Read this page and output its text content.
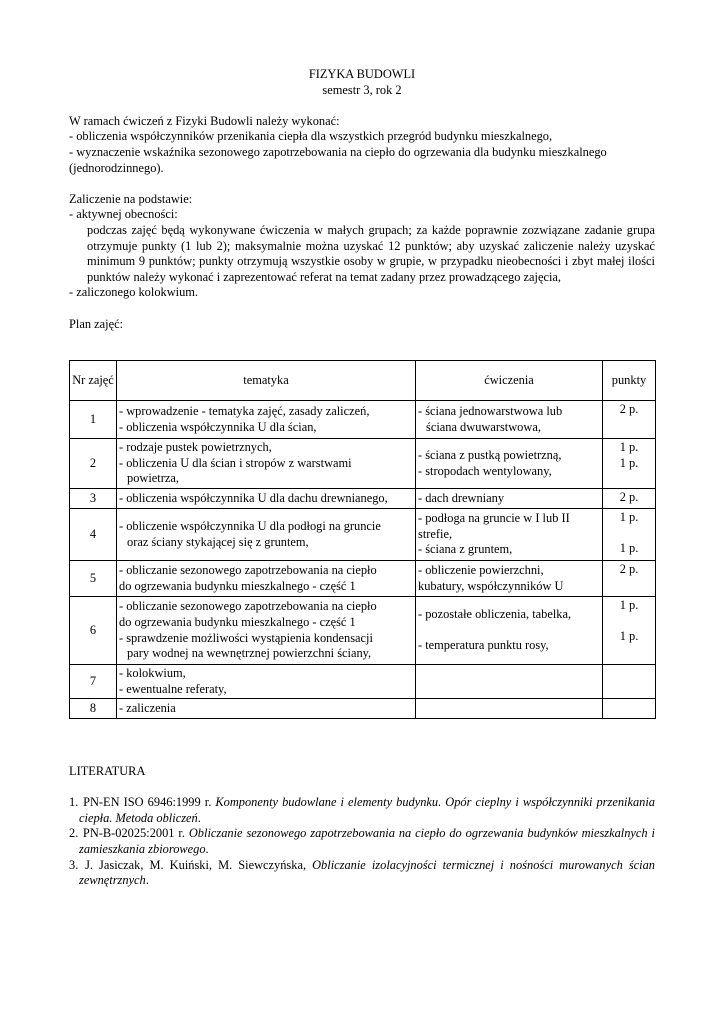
FIZYKA BUDOWLI

semestr 3, rok 2

W ramach ćwiczeń z Fizyki Budowli należy wykonać:

- obliczenia współczynników przenikania ciepła dla wszystkich przegród budynku mieszkalnego,

- wyznaczenie wskaźnika sezonowego zapotrzebowania na ciepło do ogrzewania dla budynku mieszkalnego (jednorodzinnego).

Zaliczenie na podstawie:

- aktywnej obecności:

podczas zajęć będą wykonywane ćwiczenia w małych grupach; za każde poprawnie zozwiązane zadanie grupa otrzymuje punkty (1 lub 2); maksymalnie można uzyskać 12 punktów; aby uzyskać zaliczenie należy uzyskać minimum 9 punktów; punkty otrzymują wszystkie osoby w grupie, w przypadku nieobecności i zbyt małej ilości punktów należy wykonać i zaprezentować referat na temat zadany przez prowadzącego zajęcia,

- zaliczonego kolokwium.

Plan zajęć:

Nr zajęć	tematyka	ćwiczenia	punkty
1	- wprowadzenie - tematyka zajęć, zasady zaliczeń,
- obliczenia współczynnika U dla ścian,	- ściana jednowarstwowa lub
ściana dwuwarstwowa,	2 p.

2	- rodzaje pustek powietrznych,
- obliczenia U dla ścian i stropów z warstwami
powietrza,	- ściana z pustką powietrzną,
- stropodach wentylowany,	1 p.
1 p.

3	- obliczenia współczynnika U dla dachu drewnianego,	- dach drewniany	2 p.

4	- obliczenie współczynnika U dla podłogi na gruncie
oraz ściany stykającej się z gruntem,	- podłoga na gruncie w I lub II
strefie,
- ściana z gruntem,	1 p.

1 p.

5	- obliczanie sezonowego zapotrzebowania na ciepło
do ogrzewania budynku mieszkalnego - część 1	- obliczenie powierzchni,
kubatury, współczynników U	2 p.

6	- obliczanie sezonowego zapotrzebowania na ciepło
do ogrzewania budynku mieszkalnego - część 1
- sprawdzenie możliwości wystąpienia kondensacji
pary wodnej na wewnętrznej powierzchni ściany,	- pozostałe obliczenia, tabelka,

- temperatura punktu rosy,	1 p.

1 p.

7	- kolokwium,
- ewentualne referaty,		

8	- zaliczenia		

LITERATURA

1. PN-EN ISO 6946:1999 r. Komponenty budowlane i elementy budynku. Opór cieplny i współczynniki przenikania ciepła. Metoda obliczeń.
2. PN-B-02025:2001 r. Obliczanie sezonowego zapotrzebowania na ciepło do ogrzewania budynków mieszkalnych i zamieszkania zbiorowego.
3. J. Jasiczak, M. Kuiński, M. Siewczyńska, Obliczanie izolacyjności termicznej i nośności murowanych ścian zewnętrznych.
